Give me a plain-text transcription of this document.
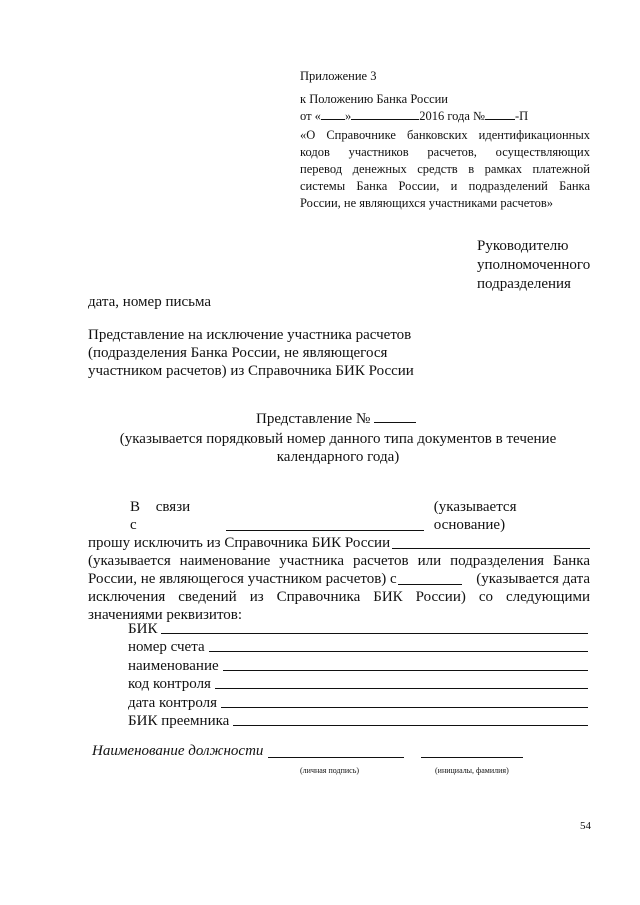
Приложение 3
к Положению Банка России
от « »	2016 года № -П
«О Справочнике банковских идентификационных
кодов участников расчетов, осуществляющих
перевод денежных средств в рамках платежной
системы Банка России, и подразделений Банка
России, не являющихся участниками расчетов»
Руководителю
уполномоченного
подразделения
дата, номер письма
Представление на исключение участника расчетов
(подразделения Банка России, не являющегося
участником расчетов) из Справочника БИК России
Представление №
(указывается порядковый номер данного типа документов в течение
календарного года)
В связи с
(указывается основание)
прошу исключить из Справочника БИК России
(указывается наименование участника расчетов или подразделения Банка
России, не являющегося участником расчетов) с	(указывается дата
исключения сведений из Справочника БИК России) со следующими
значениями реквизитов:
БИК
номер счета
наименование
код контроля
дата контроля
БИК преемника
Наименование должности
(личная подпись)	(инициалы, фамилия)
54
